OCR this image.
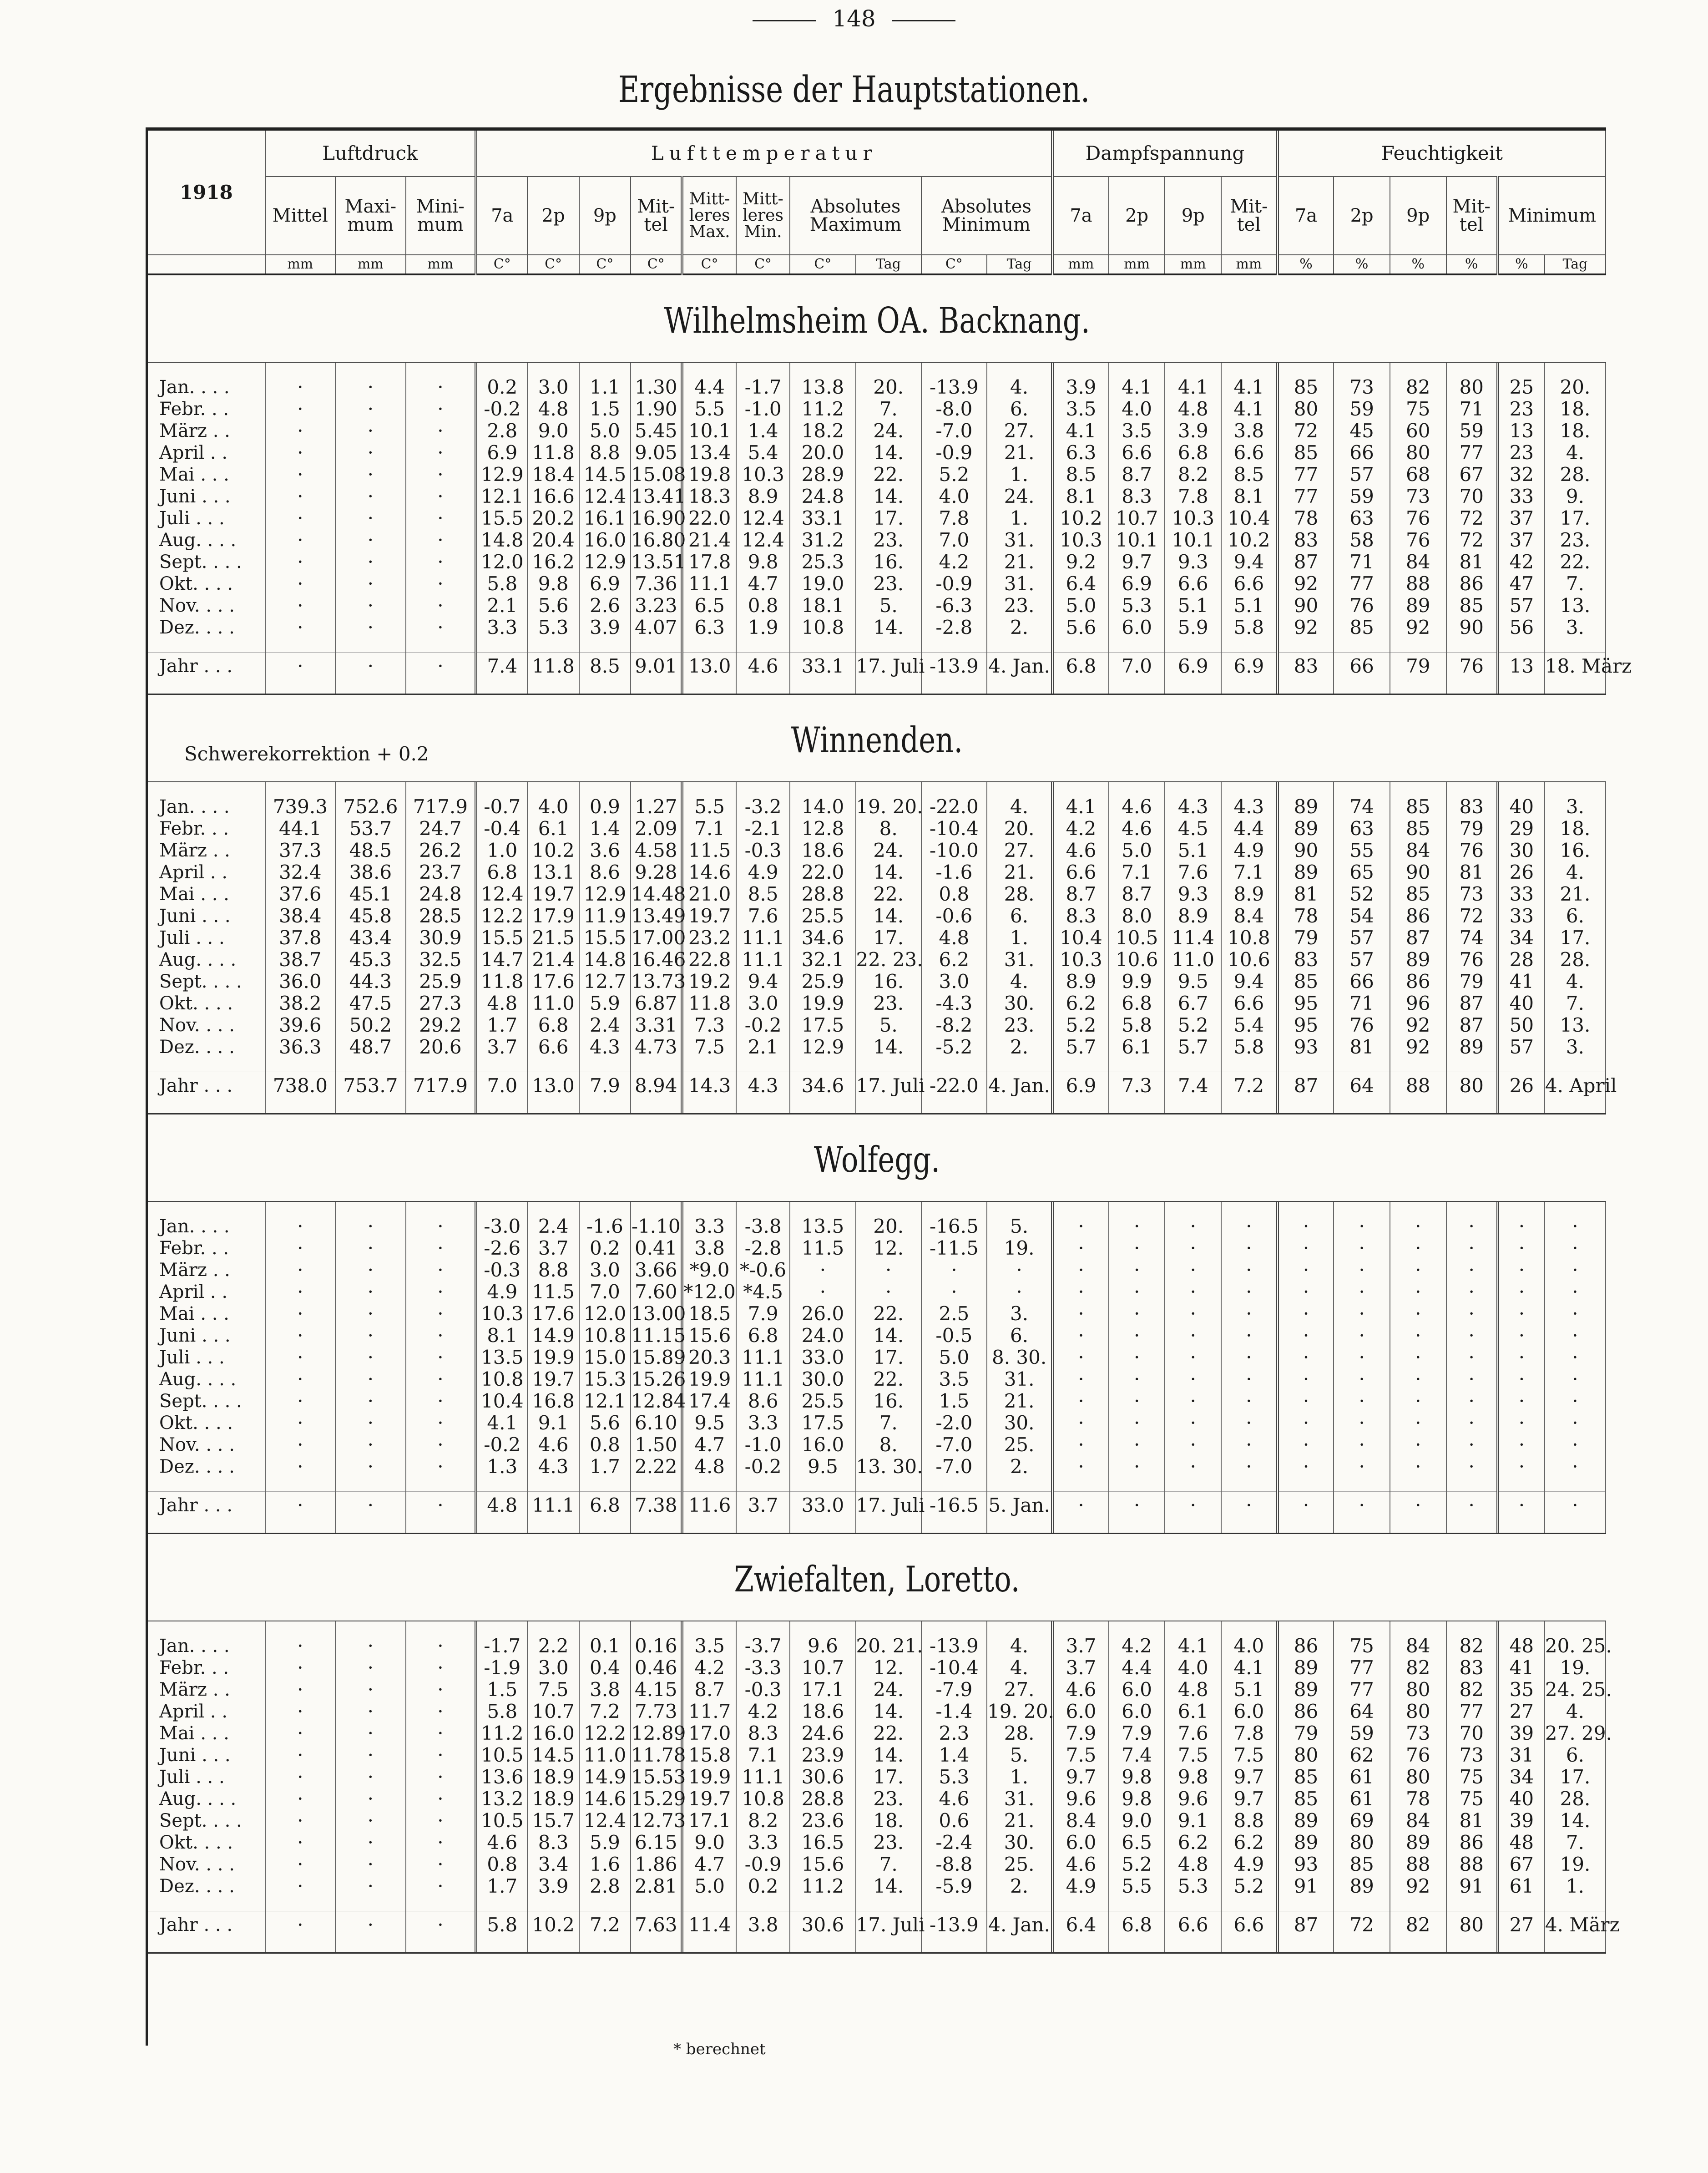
148
Ergebnisse der Hauptstationen.
1918	Luftdruck			Lufttemperatur										Dampfspannung				Feuchtigkeit					
	Mittel	Maxi-mum	Mini-mum	7a	2p	9p	Mit-tel	Mitt-leres Max.	Mitt-leres Min.	Absolutes Maximum		Absolutes Minimum		7a	2p	9p	Mit-tel	7a	2p	9p	Mit-tel	Minimum	
	mm	mm	mm	C°	C°	C°	C°	C°	C°	C°	Tag	C°	Tag	mm	mm	mm	mm	%	%	%	%	%	Tag
Wilhelmsheim OA. Backnang.

Jan. . . .	·	·	·	0.2	3.0	1.1	1.30	4.4	-1.7	13.8	20.	-13.9	4.	3.9	4.1	4.1	4.1	85	73	82	80	25	20.
Febr. . .	·	·	·	-0.2	4.8	1.5	1.90	5.5	-1.0	11.2	7.	-8.0	6.	3.5	4.0	4.8	4.1	80	59	75	71	23	18.
März . .	·	·	·	2.8	9.0	5.0	5.45	10.1	1.4	18.2	24.	-7.0	27.	4.1	3.5	3.9	3.8	72	45	60	59	13	18.
April . .	·	·	·	6.9	11.8	8.8	9.05	13.4	5.4	20.0	14.	-0.9	21.	6.3	6.6	6.8	6.6	85	66	80	77	23	4.
Mai . . .	·	·	·	12.9	18.4	14.5	15.08	19.8	10.3	28.9	22.	5.2	1.	8.5	8.7	8.2	8.5	77	57	68	67	32	28.
Juni . . .	·	·	·	12.1	16.6	12.4	13.41	18.3	8.9	24.8	14.	4.0	24.	8.1	8.3	7.8	8.1	77	59	73	70	33	9.
Juli . . .	·	·	·	15.5	20.2	16.1	16.90	22.0	12.4	33.1	17.	7.8	1.	10.2	10.7	10.3	10.4	78	63	76	72	37	17.
Aug. . . .	·	·	·	14.8	20.4	16.0	16.80	21.4	12.4	31.2	23.	7.0	31.	10.3	10.1	10.1	10.2	83	58	76	72	37	23.
Sept. . . .	·	·	·	12.0	16.2	12.9	13.51	17.8	9.8	25.3	16.	4.2	21.	9.2	9.7	9.3	9.4	87	71	84	81	42	22.
Okt. . . .	·	·	·	5.8	9.8	6.9	7.36	11.1	4.7	19.0	23.	-0.9	31.	6.4	6.9	6.6	6.6	92	77	88	86	47	7.
Nov. . . .	·	·	·	2.1	5.6	2.6	3.23	6.5	0.8	18.1	5.	-6.3	23.	5.0	5.3	5.1	5.1	90	76	89	85	57	13.
Dez. . . .	·	·	·	3.3	5.3	3.9	4.07	6.3	1.9	10.8	14.	-2.8	2.	5.6	6.0	5.9	5.8	92	85	92	90	56	3.

Jahr . . .	·	·	·	7.4	11.8	8.5	9.01	13.0	4.6	33.1	17. Juli	-13.9	4. Jan.	6.8	7.0	6.9	6.9	83	66	79	76	13	18. März

Winnenden.
Schwerekorrektion + 0.2

Jan. . . .	739.3	752.6	717.9	-0.7	4.0	0.9	1.27	5.5	-3.2	14.0	19. 20.	-22.0	4.	4.1	4.6	4.3	4.3	89	74	85	83	40	3.
Febr. . .	44.1	53.7	24.7	-0.4	6.1	1.4	2.09	7.1	-2.1	12.8	8.	-10.4	20.	4.2	4.6	4.5	4.4	89	63	85	79	29	18.
März . .	37.3	48.5	26.2	1.0	10.2	3.6	4.58	11.5	-0.3	18.6	24.	-10.0	27.	4.6	5.0	5.1	4.9	90	55	84	76	30	16.
April . .	32.4	38.6	23.7	6.8	13.1	8.6	9.28	14.6	4.9	22.0	14.	-1.6	21.	6.6	7.1	7.6	7.1	89	65	90	81	26	4.
Mai . . .	37.6	45.1	24.8	12.4	19.7	12.9	14.48	21.0	8.5	28.8	22.	0.8	28.	8.7	8.7	9.3	8.9	81	52	85	73	33	21.
Juni . . .	38.4	45.8	28.5	12.2	17.9	11.9	13.49	19.7	7.6	25.5	14.	-0.6	6.	8.3	8.0	8.9	8.4	78	54	86	72	33	6.
Juli . . .	37.8	43.4	30.9	15.5	21.5	15.5	17.00	23.2	11.1	34.6	17.	4.8	1.	10.4	10.5	11.4	10.8	79	57	87	74	34	17.
Aug. . . .	38.7	45.3	32.5	14.7	21.4	14.8	16.46	22.8	11.1	32.1	22. 23.	6.2	31.	10.3	10.6	11.0	10.6	83	57	89	76	28	28.
Sept. . . .	36.0	44.3	25.9	11.8	17.6	12.7	13.73	19.2	9.4	25.9	16.	3.0	4.	8.9	9.9	9.5	9.4	85	66	86	79	41	4.
Okt. . . .	38.2	47.5	27.3	4.8	11.0	5.9	6.87	11.8	3.0	19.9	23.	-4.3	30.	6.2	6.8	6.7	6.6	95	71	96	87	40	7.
Nov. . . .	39.6	50.2	29.2	1.7	6.8	2.4	3.31	7.3	-0.2	17.5	5.	-8.2	23.	5.2	5.8	5.2	5.4	95	76	92	87	50	13.
Dez. . . .	36.3	48.7	20.6	3.7	6.6	4.3	4.73	7.5	2.1	12.9	14.	-5.2	2.	5.7	6.1	5.7	5.8	93	81	92	89	57	3.

Jahr . . .	738.0	753.7	717.9	7.0	13.0	7.9	8.94	14.3	4.3	34.6	17. Juli	-22.0	4. Jan.	6.9	7.3	7.4	7.2	87	64	88	80	26	4. April

Wolfegg.

Jan. . . .	·	·	·	-3.0	2.4	-1.6	-1.10	3.3	-3.8	13.5	20.	-16.5	5.	·	·	·	·	·	·	·	·	·	·
Febr. . .	·	·	·	-2.6	3.7	0.2	0.41	3.8	-2.8	11.5	12.	-11.5	19.	·	·	·	·	·	·	·	·	·	·
März . .	·	·	·	-0.3	8.8	3.0	3.66	*9.0	*-0.6	·	·	·	·	·	·	·	·	·	·	·	·	·	·
April . .	·	·	·	4.9	11.5	7.0	7.60	*12.0	*4.5	·	·	·	·	·	·	·	·	·	·	·	·	·	·
Mai . . .	·	·	·	10.3	17.6	12.0	13.00	18.5	7.9	26.0	22.	2.5	3.	·	·	·	·	·	·	·	·	·	·
Juni . . .	·	·	·	8.1	14.9	10.8	11.15	15.6	6.8	24.0	14.	-0.5	6.	·	·	·	·	·	·	·	·	·	·
Juli . . .	·	·	·	13.5	19.9	15.0	15.89	20.3	11.1	33.0	17.	5.0	8. 30.	·	·	·	·	·	·	·	·	·	·
Aug. . . .	·	·	·	10.8	19.7	15.3	15.26	19.9	11.1	30.0	22.	3.5	31.	·	·	·	·	·	·	·	·	·	·
Sept. . . .	·	·	·	10.4	16.8	12.1	12.84	17.4	8.6	25.5	16.	1.5	21.	·	·	·	·	·	·	·	·	·	·
Okt. . . .	·	·	·	4.1	9.1	5.6	6.10	9.5	3.3	17.5	7.	-2.0	30.	·	·	·	·	·	·	·	·	·	·
Nov. . . .	·	·	·	-0.2	4.6	0.8	1.50	4.7	-1.0	16.0	8.	-7.0	25.	·	·	·	·	·	·	·	·	·	·
Dez. . . .	·	·	·	1.3	4.3	1.7	2.22	4.8	-0.2	9.5	13. 30.	-7.0	2.	·	·	·	·	·	·	·	·	·	·

Jahr . . .	·	·	·	4.8	11.1	6.8	7.38	11.6	3.7	33.0	17. Juli	-16.5	5. Jan.	·	·	·	·	·	·	·	·	·	·

Zwiefalten, Loretto.

Jan. . . .	·	·	·	-1.7	2.2	0.1	0.16	3.5	-3.7	9.6	20. 21.	-13.9	4.	3.7	4.2	4.1	4.0	86	75	84	82	48	20. 25.
Febr. . .	·	·	·	-1.9	3.0	0.4	0.46	4.2	-3.3	10.7	12.	-10.4	4.	3.7	4.4	4.0	4.1	89	77	82	83	41	19.
März . .	·	·	·	1.5	7.5	3.8	4.15	8.7	-0.3	17.1	24.	-7.9	27.	4.6	6.0	4.8	5.1	89	77	80	82	35	24. 25.
April . .	·	·	·	5.8	10.7	7.2	7.73	11.7	4.2	18.6	14.	-1.4	19. 20.	6.0	6.0	6.1	6.0	86	64	80	77	27	4.
Mai . . .	·	·	·	11.2	16.0	12.2	12.89	17.0	8.3	24.6	22.	2.3	28.	7.9	7.9	7.6	7.8	79	59	73	70	39	27. 29.
Juni . . .	·	·	·	10.5	14.5	11.0	11.78	15.8	7.1	23.9	14.	1.4	5.	7.5	7.4	7.5	7.5	80	62	76	73	31	6.
Juli . . .	·	·	·	13.6	18.9	14.9	15.53	19.9	11.1	30.6	17.	5.3	1.	9.7	9.8	9.8	9.7	85	61	80	75	34	17.
Aug. . . .	·	·	·	13.2	18.9	14.6	15.29	19.7	10.8	28.8	23.	4.6	31.	9.6	9.8	9.6	9.7	85	61	78	75	40	28.
Sept. . . .	·	·	·	10.5	15.7	12.4	12.73	17.1	8.2	23.6	18.	0.6	21.	8.4	9.0	9.1	8.8	89	69	84	81	39	14.
Okt. . . .	·	·	·	4.6	8.3	5.9	6.15	9.0	3.3	16.5	23.	-2.4	30.	6.0	6.5	6.2	6.2	89	80	89	86	48	7.
Nov. . . .	·	·	·	0.8	3.4	1.6	1.86	4.7	-0.9	15.6	7.	-8.8	25.	4.6	5.2	4.8	4.9	93	85	88	88	67	19.
Dez. . . .	·	·	·	1.7	3.9	2.8	2.81	5.0	0.2	11.2	14.	-5.9	2.	4.9	5.5	5.3	5.2	91	89	92	91	61	1.

Jahr . . .	·	·	·	5.8	10.2	7.2	7.63	11.4	3.8	30.6	17. Juli	-13.9	4. Jan.	6.4	6.8	6.6	6.6	87	72	82	80	27	4. März

* berechnet
